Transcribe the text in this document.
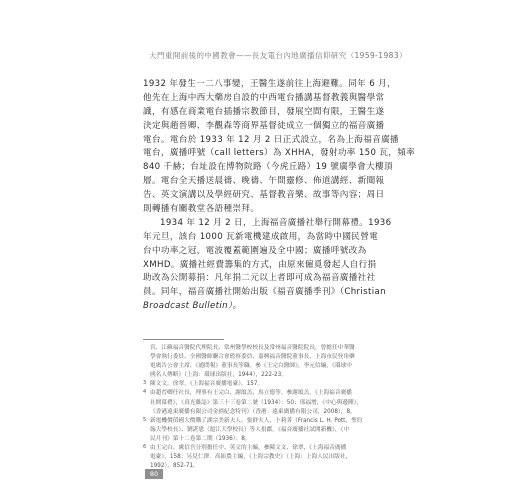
大門重開前後的中國教會——長友電台內地廣播信仰研究（1959-1983）
1932 年發生一二八事變，王醫生遂前往上海避難。同年 6 月，
他先在上海中西大藥房自設的中西電台播講基督教義與醫學常
識，有感在商業電台插播宗教節目，發展空間有限，王醫生遂
決定與趙晉卿、李觀森等商界基督徒成立一個獨立的福音廣播
電台。電台於 1933 年 12 月 2 日正式設立，名為上海福音廣播
電台，廣播呼號（call letters）為 XHHA，發射功率 150 瓦，頻率
840 千赫；台址設在博物院路（今虎丘路）19 號廣學會大樓頂
層。電台全天播送晨禱、晚禱、午間靈修、佈道講經、新聞報
告、英文演講以及學經研究、基督教音樂、故事等內容；周日
則轉播有關教堂各語種崇拜。
1934 年 12 月 2 日，上海福音廣播社舉行開幕禮。1936
年元旦，該台 1000 瓦新電機建成啟用，為當時中國民營電
台中功率之冠，電波覆蓋範圍遍及全中國；廣播呼號改為
XMHD。廣播社經費籌集的方式，由原來僱覓發起人自行捐
助改為公開募捐：凡年捐二元以上者即可成為福音廣播社社
員。同年，福音廣播社開始出版《福音廣播季刊》（Christian
Broadcast Bulletin）。
宮、江蘇福音醫院代理院長、常州醫學校校長及常州福音醫院院長，曾擔任中華醫
學會執行委員、全國醫師聯合會監察委員、嘉興福音醫院董事長、上海市民登角藥
電廣告公會主席、《通問報》董事長等職。參《王完白醫師》，李元信編，《環球中
國名人傳略》（上海：環球出版社，1944），222-23。
3 陳文文，徐翠，《上海福音廣播電臺》，157。
4 由趙晉卿任社長，理事有王完白、謝頌羔、馬立德等。參謝頌羔，《上海福音廣播
社開幕禮》，《真光雜誌》第三十三卷第二號（1934）：50；邢福增，《中心與邊陲》，
《香港遠東廣播有限公司金禧紀念特刊》（香港：遠東廣播有限公司，2008），8。
5 新電機價值國大價購了湖宗美新夫人、張群夫人、卜莉菁（Francis L. H. Pott，聖約
翰大學校長）、劉湛恩（滬江大學校長）等人捐獻。《福音廣播社試開新機》，《中
民月刊》第十二卷第二期（1936）：8。
6 由王完白、盧信吾分別擔任中、英文的主編。參陳文文、徐翠，《上海福音廣播
電臺》，158；另見仁澤．高振農主編，《上海宗教史》（上海：上海人民出版社，
1992），852-71。
80
